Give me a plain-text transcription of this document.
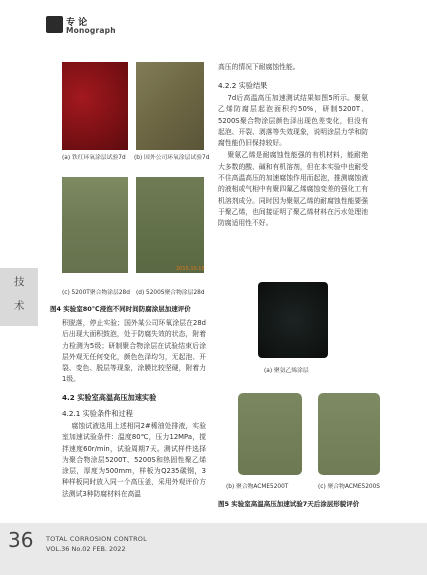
专 论
Monograph
技
术
(a) 铁红环氧涂层试验7d (b) 国外公司环氧涂层试验7d
2015.10.15
(c) 5200T聚合物涂层28d (d) 5200S聚合物涂层28d
图4 实验室80℃浸泡不同时间防腐涂层加速评价

积脱落，停止实验；国外某公司环氧涂层在28d后出现大面积鼓泡，处于防腐失效的状态，附着力检测为5级；研制聚合物涂层在试验结束后涂层外观无任何变化，颜色色泽均匀，无起泡、开裂、变色、脱层等现象，涂膜比较坚硬，附着力1级。

4.2 实验室高温高压加速实验
4.2.1 实验条件和过程

腐蚀试液选用上述相同2#稀油处排液，实验室加速试验条件：温度80℃，压力12MPa，搅拌速度60r/min，试验周期7天。测试样件选择为聚合物涂层5200T、5200S和热固性聚乙烯涂层，厚度为500mm，样板为Q235碳钢，3种样板同时放入同一个高压釜，采用外观评价方法测试3种防腐材料在高温

高压的情况下耐腐蚀性能。

4.2.2 实验结果

7d后高温高压加速测试结果如图5所示。聚氨乙烯防腐层起泡面积约50%，研制5200T、5200S聚合物涂层颜色泽出现色差变化，但没有起泡、开裂、剥落等失效现象，说明涂层力学和防腐性能仍旧保持较好。

聚氨乙烯是耐腐蚀性能强的有机材料，能耐绝大多数的酸、碱和有机溶剂，但在本实验中也耐受不住高温高压的加速腐蚀作用而起泡，推测腐蚀液的液相或气相中有聚四氟乙烯腐蚀变差的强化工有机溶剂成分。同时因为聚氨乙烯的耐腐蚀性能要强于聚乙烯，也间接证明了聚乙烯材料在污水处理池防腐适用性不好。

(a) 聚氨乙烯涂层
(b) 聚合物ACME5200T	(c) 聚合物ACME5200S
图5 实验室高温高压加速试验7天后涂层形貌评价
36 TOTAL CORROSION CONTROL
VOL.36 No.02 FEB. 2022
